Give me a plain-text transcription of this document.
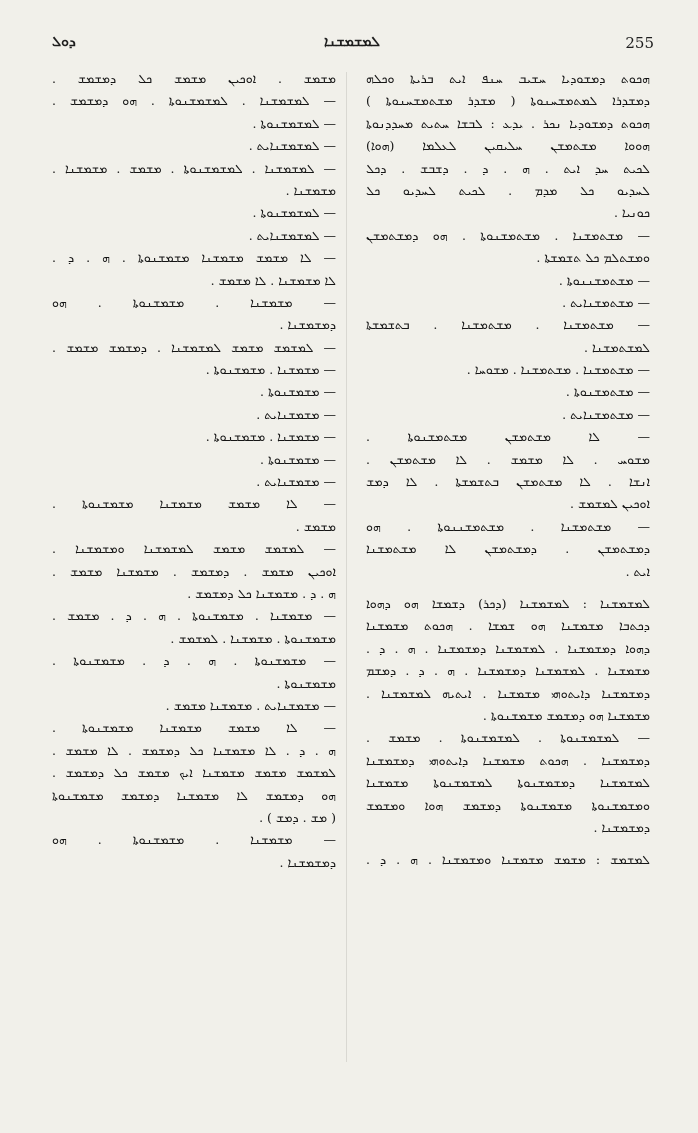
ܕܘܠ	ܠܡܫܡܫܢܐ	255
ܗܟܘܬ ܕܡܫܘܕܝܐ ܚܫܝܒ ܚܢܦ ܐܝܬ ܒܪܝܬܐ ܘܟܠܗ
ܕܡܫܕܪܐ ܠܡܬܡܫܚܢܘܬܐ ( ܡܫܕܪ ܡܫܬܡܫܚܢܘܬܐ )
ܗܟܘܬ ܕܡܫܘܕܝܐ ܢܟܪ . ܝܕܥ : ܠܒܫܐ ܚܬܝܬ ܡܚܕܕܢܘܬܐ
ܗܘܘܐ ܡܫܬܡܫܢ ܚܠܝܩܝܢ ܠܥܠܡܐ (ܗܘܐ)
ܠܟܝܬ ܚܕ ܐܝܬ . ܗ . ܕ . ܕܫܒܫ . ܕܟܠ
ܠܚܕܝܘ ܟܠ ܡܕܡ . ܠܟܝܬ ܠܚܕܝܘ ܟܠ
ܟܘܢܝܐ .
— ܡܫܬܡܫܢܐ . ܡܫܬܡܫܢܘܬܐ . ܗܘ ܕܡܫܬܡܫܢ
ܘܡܫܬܠܡ ܟܠ ܬܫܡܫܬܐ .
— ܡܫܬܡܫܢܢܘܬܐ .
— ܡܫܬܡܫܢܐܝܬ .
— ܡܫܬܡܫܢܐ . ܡܫܬܡܫܢܐ . ܒܬܫܡܫܬܐ
ܠܡܫܬܡܫܢܐ .
— ܡܫܬܡܫܢܐ . ܡܫܬܡܫܢܐ . ܡܫܘܚܐ .
— ܡܫܬܡܫܢܘܬܐ .
— ܡܫܬܡܫܢܐܝܬ .
— ܠܐ ܡܫܬܡܫܢ ܡܫܬܡܫܢܘܬܐ .
ܡܫܘܚ . ܠܐ ܡܫܡܫ . ܠܐ ܡܫܬܡܫܢ .
ܐܢܫܐ . ܠܐ ܡܫܬܡܫܢ ܒܬܫܡܫܬܐ . ܠܐ ܕܡܫ
ܐܘܟܝܢ ܠܡܫܡܫ .
— ܡܫܬܡܫܢܐ . ܡܫܬܡܫܢܢܘܬܐ . ܗܘ
ܕܡܫܬܡܫܢ . ܕܡܫܬܡܫܢ ܠܐ ܡܫܬܡܫܢܐ
ܐܝܬ .
ܠܡܫܡܫܢܐ : ܠܡܫܡܫܢܐ (ܕܟܪ) ܕܫܡܫܐ ܗܘ ܕܗܘܐ
ܕܟܬܒܐ ܡܫܡܫܢܐ ܗܘ ܫܡܫܐ . ܗܟܘܬ ܡܫܡܫܢܐ
ܕܗܘܐ ܕܡܫܡܫܢܐ . ܠܡܫܡܫܢܐ ܕܡܫܡܫܢܐ . ܗ . ܕ .
ܡܫܡܫܢܐ . ܠܡܫܡܫܢܐ ܕܡܫܡܫܢܐ . ܗ . ܕ . ܕܡܫܡ
ܕܡܫܡܫܢܐ ܕܐܝܬܘܗܝ ܡܫܡܫܢܐ . ܐܝܬܝܗ ܠܡܫܡܫܢܐ .
ܡܫܡܫܢܐ ܗܘ ܕܡܫܡܫ ܡܫܡܫܢܘܬܐ .
— ܠܡܫܡܫܢܘܬܐ . ܠܡܫܡܫܢܘܬܐ . ܡܫܡܫ .
ܕܡܫܡܫܢܐ . ܗܟܘܬ ܡܫܡܫܢܐ ܕܐܝܬܘܗܝ ܕܡܫܡܫܢܐ
ܠܡܫܡܫܢܐ ܕܡܫܡܫܢܘܬܐ ܠܡܫܡܫܢܘܬܐ ܡܫܡܫܢܐ
ܘܡܫܡܫܢܘܬܐ ܡܫܡܫܢܘܬܐ ܕܡܫܡܫ ܗܘܐ ܘܡܫܡܫ
ܕܡܫܡܫܢܐ .
ܠܡܫܡܫ : ܡܫܡܫ ܡܫܡܫܢܐ ܘܡܫܡܫܢܐ . ܗ . ܕ .
ܡܫܡܫ . ܐܘܟܝܢ ܡܫܡܫ ܟܠ ܕܡܫܡܫ .
— ܠܡܫܡܫܢܐ . ܠܡܫܡܫܢܘܬܐ . ܗܘ ܕܡܫܡܫ .
— ܠܡܫܡܫܢܘܬܐ .
— ܠܡܫܡܫܢܐܝܬ .
— ܠܡܫܡܫܢܐ . ܠܡܫܡܫܢܘܬܐ . ܡܫܡܫ . ܡܫܡܫܢܐ .
ܡܫܡܫܢܐ .
— ܠܡܫܡܫܢܘܬܐ .
— ܠܡܫܡܫܢܐܝܬ .
— ܠܐ ܡܫܡܫ ܡܫܡܫܢܐ ܡܫܡܫܢܘܬܐ . ܗ . ܕ .
ܠܐ ܡܫܡܫܢܐ . ܠܐ ܡܫܡܫ .
— ܡܫܡܫܢܐ . ܡܫܡܫܢܘܬܐ . ܗܘ
ܕܡܫܡܫܢܐ .
— ܠܡܫܡܫ ܡܫܡܫ ܠܡܫܡܫܢܐ . ܕܡܫܡܫ ܡܫܡܫ .
— ܡܫܡܫܢܐ . ܡܫܡܫܢܘܬܐ .
— ܡܫܡܫܢܘܬܐ .
— ܡܫܡܫܢܐܝܬ .
— ܡܫܡܫܢܐ . ܡܫܡܫܢܘܬܐ .
— ܡܫܡܫܢܘܬܐ .
— ܡܫܡܫܢܐܝܬ .
— ܠܐ ܡܫܡܫ ܡܫܡܫܢܐ ܡܫܡܫܢܘܬܐ .
ܡܫܡܫ .
— ܠܡܫܡܫ ܡܫܡܫ ܠܡܫܡܫܢܐ ܘܡܫܡܫܢܐ .
ܐܘܟܝܢ ܡܫܡܫ . ܕܡܫܡܫ . ܡܫܡܫܢܐ ܡܫܡܫ .
ܗ . ܕ . ܡܫܡܫܢܐ ܟܠ ܕܡܫܡܫ .
— ܡܫܡܫܢܐ . ܡܫܡܫܢܘܬܐ . ܗ . ܕ . ܡܫܡܫ .
ܡܫܡܫܢܘܬܐ . ܡܫܡܫܢܐ . ܠܡܫܡܫ .
— ܡܫܡܫܢܘܬܐ . ܗ . ܕ . ܡܫܡܫܢܘܬܐ .
ܡܫܡܫܢܘܬܐ .
— ܡܫܡܫܢܐܝܬ . ܡܫܡܫܢܐ ܡܫܡܫ .
— ܠܐ ܡܫܡܫ ܡܫܡܫܢܐ ܡܫܡܫܢܘܬܐ .
ܗ . ܕ . ܠܐ ܡܫܡܫܢܐ ܟܠ ܕܡܫܡܫ . ܠܐ ܡܫܡܫ .
ܠܡܫܡܫ ܡܫܡܫ ܡܫܡܫܢܐ ܐܝܟ ܡܫܡܫ ܟܠ ܕܡܫܡܫ .
ܗܘ ܕܡܫܡܫ ܠܐ ܡܫܡܫܢܐ ܕܡܫܡܫ ܡܫܡܫܢܘܬܐ
( ܡܫ . ܕܡܫ ) .
— ܡܫܡܫܢܐ . ܡܫܡܫܢܘܬܐ . ܗܘ
ܕܡܫܡܫܢܐ .
